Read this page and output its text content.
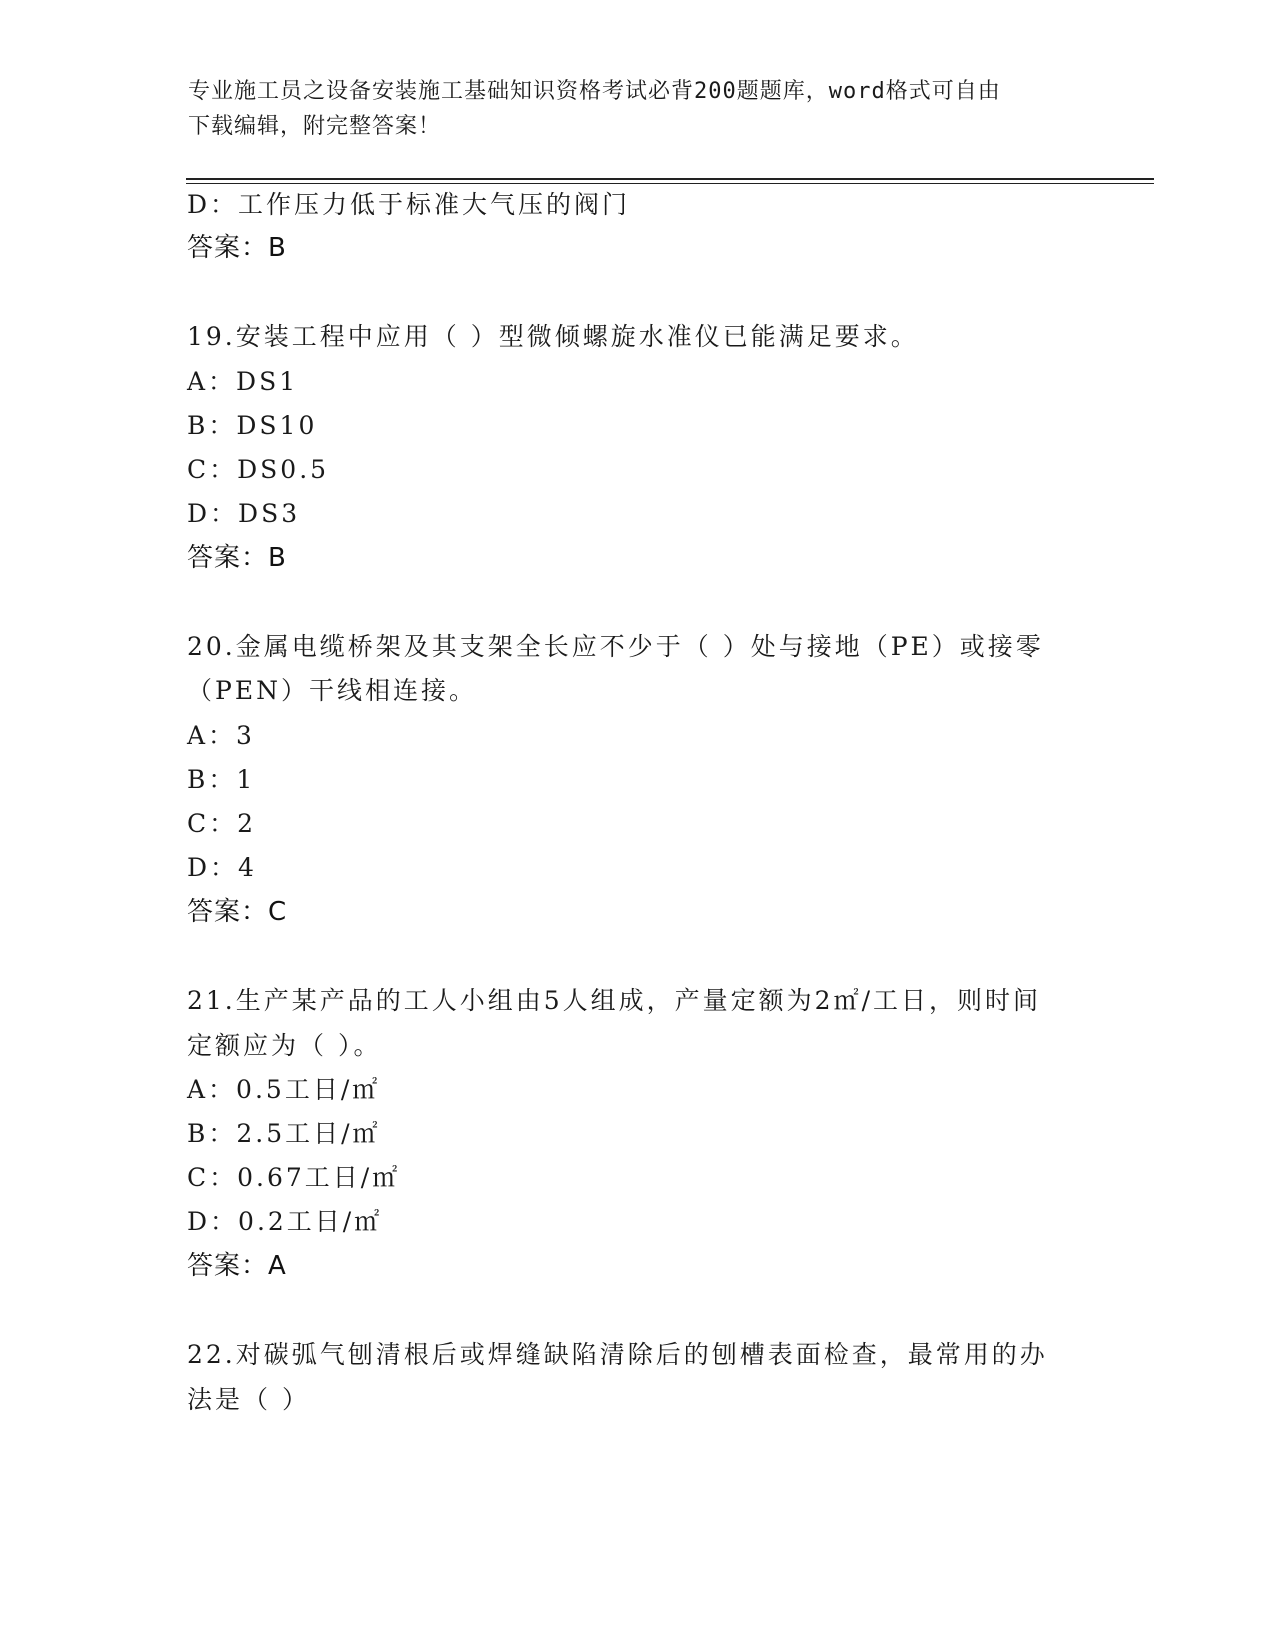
专业施工员之设备安装施工基础知识资格考试必背200题题库，word格式可自由
下载编辑，附完整答案！
D：工作压力低于标准大气压的阀门
答案：B
19.安装工程中应用（ ）型微倾螺旋水准仪已能满足要求。
A：DS1
B：DS10
C：DS0.5
D：DS3
答案：B
20.金属电缆桥架及其支架全长应不少于（ ）处与接地（PE）或接零
（PEN）干线相连接。
A：3
B：1
C：2
D：4
答案：C
21.生产某产品的工人小组由5人组成，产量定额为2㎡/工日，则时间
定额应为（ ）。
A：0.5工日/㎡
B：2.5工日/㎡
C：0.67工日/㎡
D：0.2工日/㎡
答案：A
22.对碳弧气刨清根后或焊缝缺陷清除后的刨槽表面检查，最常用的办
法是（ ）
